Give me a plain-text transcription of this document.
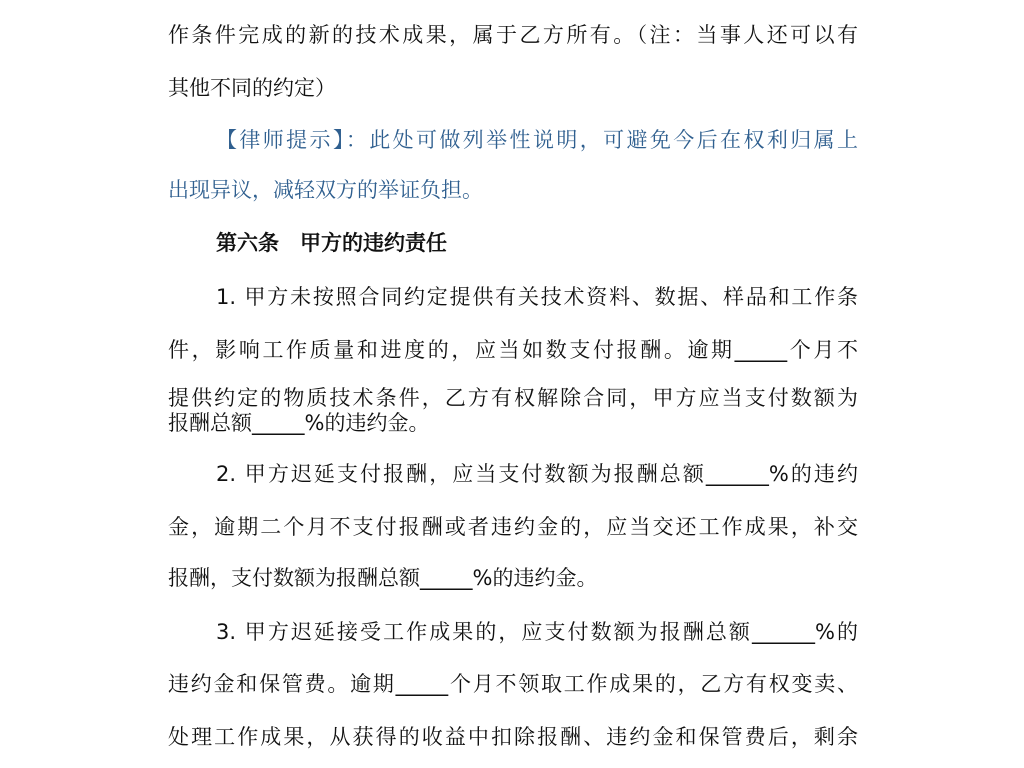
作条件完成的新的技术成果，属于乙方所有。（注：当事人还可以有
其他不同的约定）
【律师提示】：此处可做列举性说明，可避免今后在权利归属上
出现异议，减轻双方的举证负担。
第六条　甲方的违约责任
1. 甲方未按照合同约定提供有关技术资料、数据、样品和工作条
件，影响工作质量和进度的，应当如数支付报酬。逾期_____个月不
提供约定的物质技术条件，乙方有权解除合同，甲方应当支付数额为
报酬总额_____%的违约金。
2. 甲方迟延支付报酬，应当支付数额为报酬总额______%的违约
金，逾期二个月不支付报酬或者违约金的，应当交还工作成果，补交
报酬，支付数额为报酬总额_____%的违约金。
3. 甲方迟延接受工作成果的，应支付数额为报酬总额______%的
违约金和保管费。逾期_____个月不领取工作成果的，乙方有权变卖、
处理工作成果，从获得的收益中扣除报酬、违约金和保管费后，剩余
